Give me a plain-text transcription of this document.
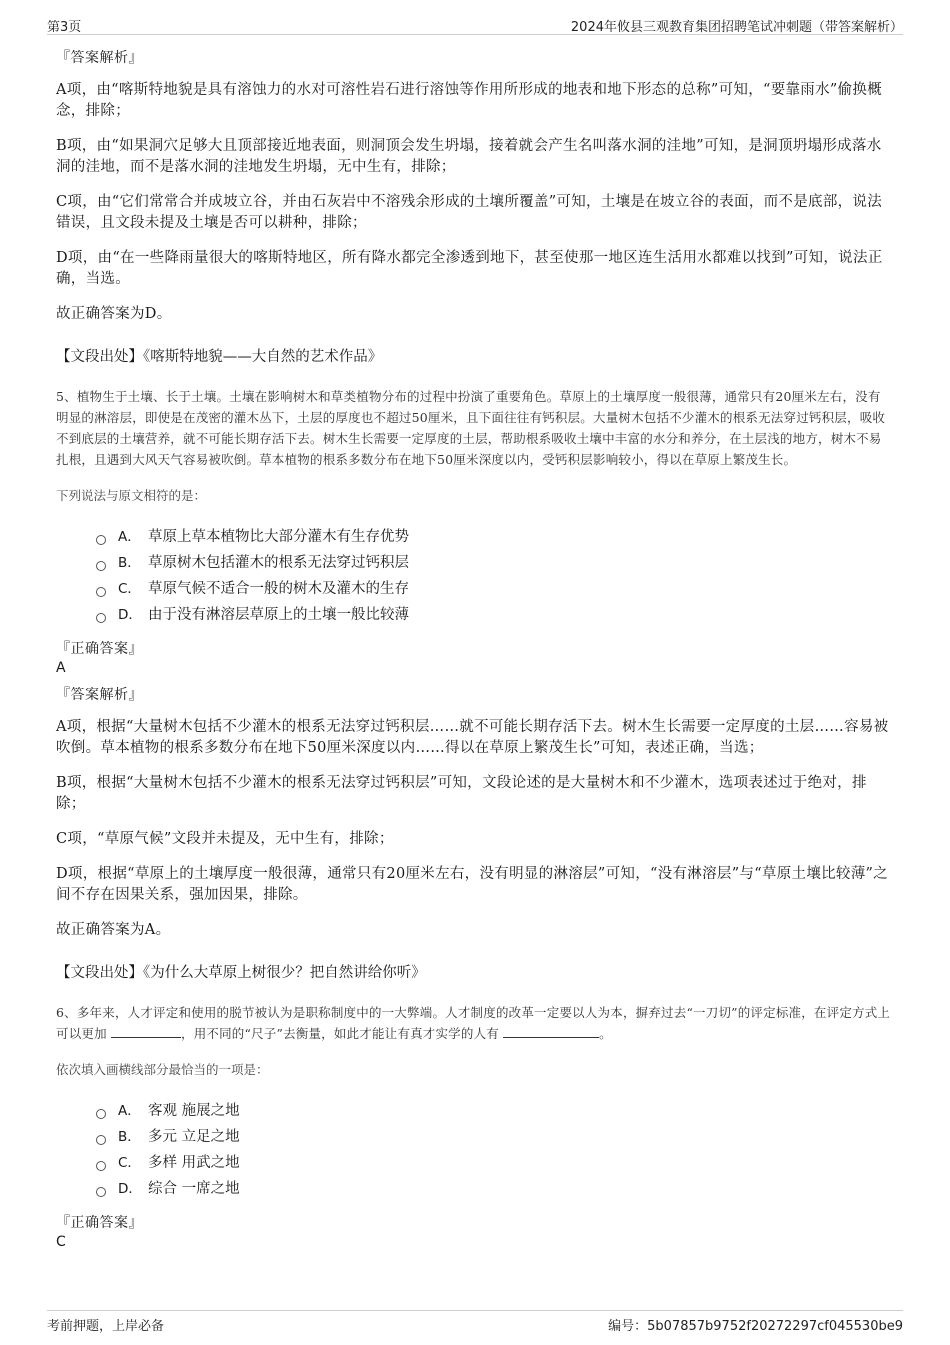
第3页	2024年攸县三观教育集团招聘笔试冲刺题（带答案解析）

『答案解析』

A项，由“喀斯特地貌是具有溶蚀力的水对可溶性岩石进行溶蚀等作用所形成的地表和地下形态的总称”可知，“要靠雨水”偷换概念，排除；

B项，由“如果洞穴足够大且顶部接近地表面，则洞顶会发生坍塌，接着就会产生名叫落水洞的洼地”可知，是洞顶坍塌形成落水洞的洼地，而不是落水洞的洼地发生坍塌，无中生有，排除；

C项，由“它们常常合并成坡立谷，并由石灰岩中不溶残余形成的土壤所覆盖”可知，土壤是在坡立谷的表面，而不是底部，说法错误，且文段未提及土壤是否可以耕种，排除；

D项，由“在一些降雨量很大的喀斯特地区，所有降水都完全渗透到地下，甚至使那一地区连生活用水都难以找到”可知，说法正确，当选。

故正确答案为D。

【文段出处】《喀斯特地貌——大自然的艺术作品》

5、植物生于土壤、长于土壤。土壤在影响树木和草类植物分布的过程中扮演了重要角色。草原上的土壤厚度一般很薄，通常只有20厘米左右，没有明显的淋溶层，即使是在茂密的灌木丛下，土层的厚度也不超过50厘米，且下面往往有钙积层。大量树木包括不少灌木的根系无法穿过钙积层，吸收不到底层的土壤营养，就不可能长期存活下去。树木生长需要一定厚度的土层，帮助根系吸收土壤中丰富的水分和养分，在土层浅的地方，树木不易扎根，且遇到大风天气容易被吹倒。草本植物的根系多数分布在地下50厘米深度以内，受钙积层影响较小，得以在草原上繁茂生长。

下列说法与原文相符的是：

A． 草原上草本植物比大部分灌木有生存优势
B． 草原树木包括灌木的根系无法穿过钙积层
C． 草原气候不适合一般的树木及灌木的生存
D． 由于没有淋溶层草原上的土壤一般比较薄

『正确答案』

A

『答案解析』

A项，根据“大量树木包括不少灌木的根系无法穿过钙积层……就不可能长期存活下去。树木生长需要一定厚度的土层……容易被吹倒。草本植物的根系多数分布在地下50厘米深度以内……得以在草原上繁茂生长”可知，表述正确，当选；

B项，根据“大量树木包括不少灌木的根系无法穿过钙积层”可知，文段论述的是大量树木和不少灌木，选项表述过于绝对，排除；

C项，“草原气候”文段并未提及，无中生有，排除；

D项，根据“草原上的土壤厚度一般很薄，通常只有20厘米左右，没有明显的淋溶层”可知，“没有淋溶层”与“草原土壤比较薄”之间不存在因果关系，强加因果，排除。

故正确答案为A。

【文段出处】《为什么大草原上树很少？把自然讲给你听》

6、多年来，人才评定和使用的脱节被认为是职称制度中的一大弊端。人才制度的改革一定要以人为本，摒弃过去“一刀切”的评定标准，在评定方式上可以更加	，用不同的“尺子”去衡量，如此才能让有真才实学的人有	。

依次填入画横线部分最恰当的一项是：

A． 客观 施展之地
B． 多元 立足之地
C． 多样 用武之地
D． 综合 一席之地

『正确答案』

C

考前押题，上岸必备	编号：5b07857b9752f20272297cf045530be9
